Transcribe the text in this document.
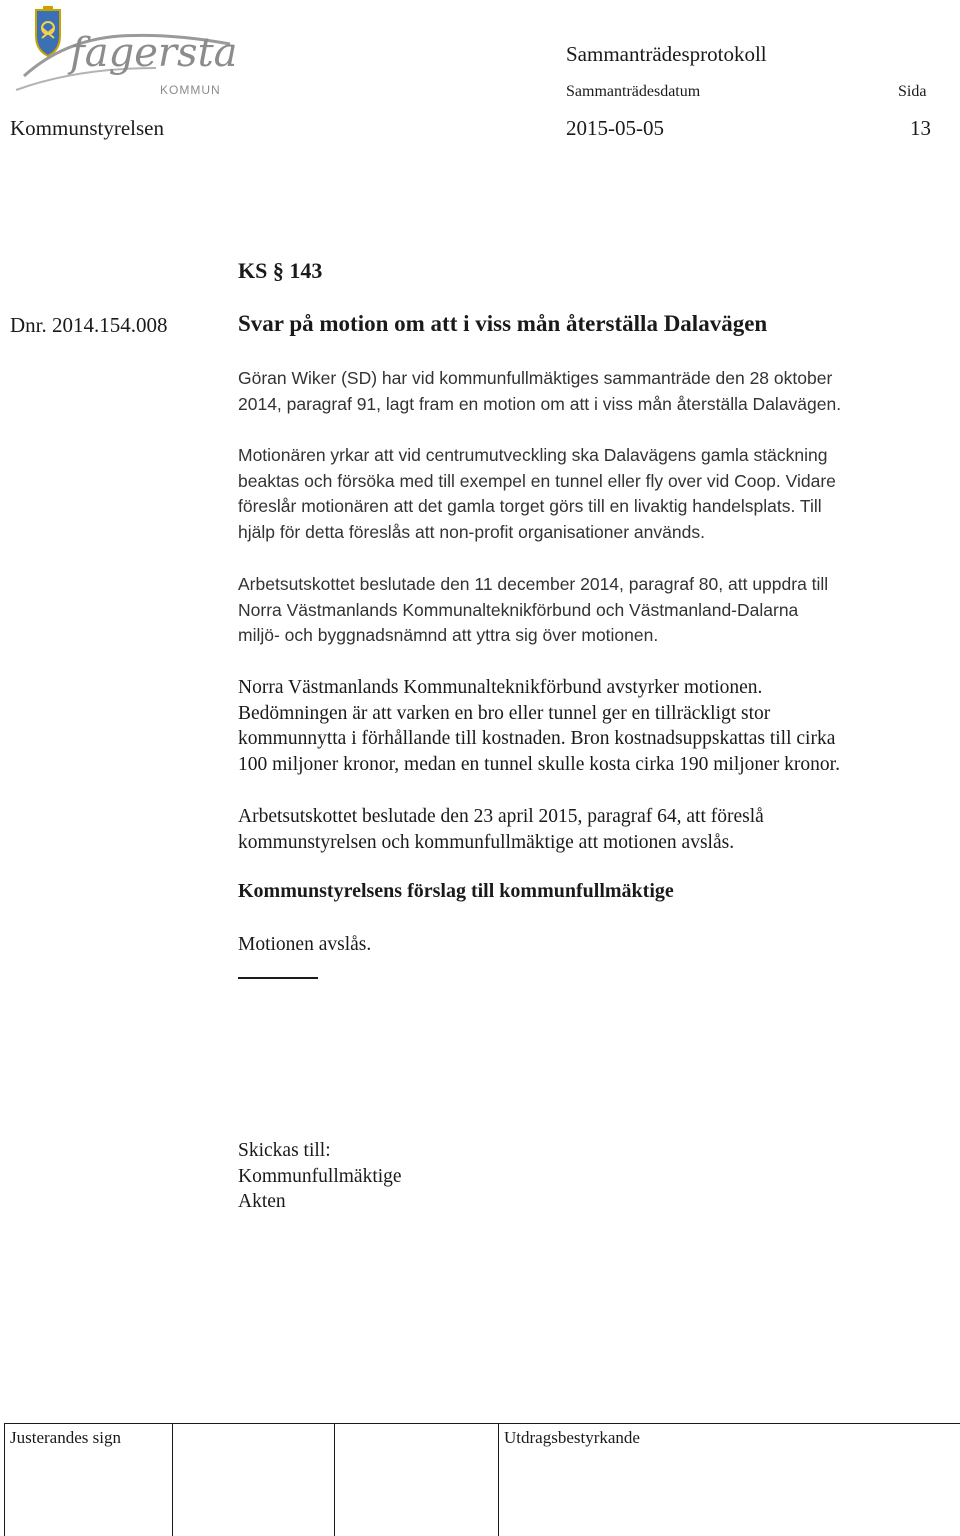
fagersta
KOMMUN
Sammanträdesprotokoll
Sammanträdesdatum	Sida
Kommunstyrelsen	2015-05-05	13
KS § 143
Dnr. 2014.154.008	Svar på motion om att i viss mån återställa Dalavägen
Göran Wiker (SD) har vid kommunfullmäktiges sammanträde den 28 oktober
2014, paragraf 91, lagt fram en motion om att i viss mån återställa Dalavägen.
Motionären yrkar att vid centrumutveckling ska Dalavägens gamla stäckning
beaktas och försöka med till exempel en tunnel eller fly over vid Coop. Vidare
föreslår motionären att det gamla torget görs till en livaktig handelsplats. Till
hjälp för detta föreslås att non-profit organisationer används.
Arbetsutskottet beslutade den 11 december 2014, paragraf 80, att uppdra till
Norra Västmanlands Kommunalteknikförbund och Västmanland-Dalarna
miljö- och byggnadsnämnd att yttra sig över motionen.
Norra Västmanlands Kommunalteknikförbund avstyrker motionen.
Bedömningen är att varken en bro eller tunnel ger en tillräckligt stor
kommunnytta i förhållande till kostnaden. Bron kostnadsuppskattas till cirka
100 miljoner kronor, medan en tunnel skulle kosta cirka 190 miljoner kronor.
Arbetsutskottet beslutade den 23 april 2015, paragraf 64, att föreslå
kommunstyrelsen och kommunfullmäktige att motionen avslås.
Kommunstyrelsens förslag till kommunfullmäktige
Motionen avslås.
Skickas till:
Kommunfullmäktige
Akten
Justerandes sign	Utdragsbestyrkande
